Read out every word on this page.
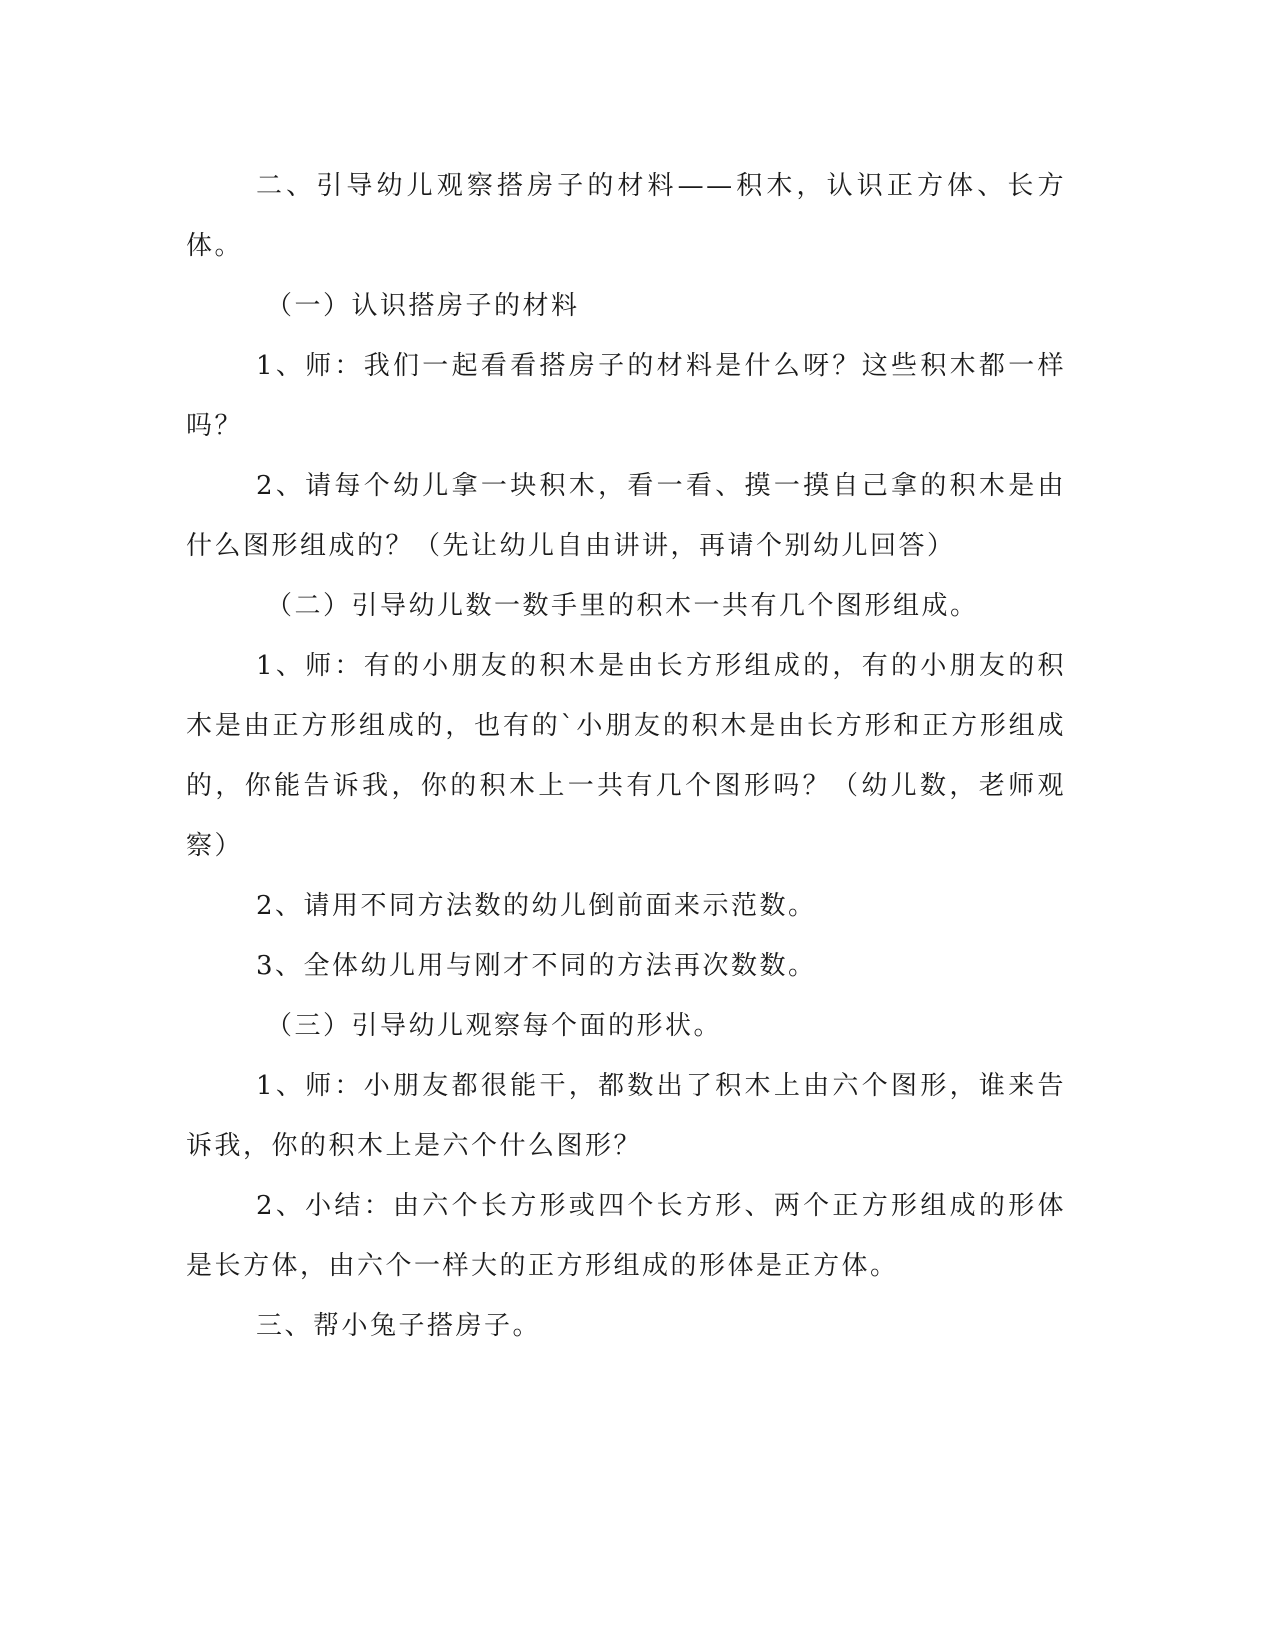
二、引导幼儿观察搭房子的材料——积木，认识正方体、长方体。

（一）认识搭房子的材料

1、师：我们一起看看搭房子的材料是什么呀？这些积木都一样吗？

2、请每个幼儿拿一块积木，看一看、摸一摸自己拿的积木是由什么图形组成的？（先让幼儿自由讲讲，再请个别幼儿回答）

（二）引导幼儿数一数手里的积木一共有几个图形组成。

1、师：有的小朋友的积木是由长方形组成的，有的小朋友的积木是由正方形组成的，也有的`小朋友的积木是由长方形和正方形组成的，你能告诉我，你的积木上一共有几个图形吗？（幼儿数，老师观察）

2、请用不同方法数的幼儿倒前面来示范数。

3、全体幼儿用与刚才不同的方法再次数数。

（三）引导幼儿观察每个面的形状。

1、师：小朋友都很能干，都数出了积木上由六个图形，谁来告诉我，你的积木上是六个什么图形？

2、小结：由六个长方形或四个长方形、两个正方形组成的形体是长方体，由六个一样大的正方形组成的形体是正方体。

三、帮小兔子搭房子。
